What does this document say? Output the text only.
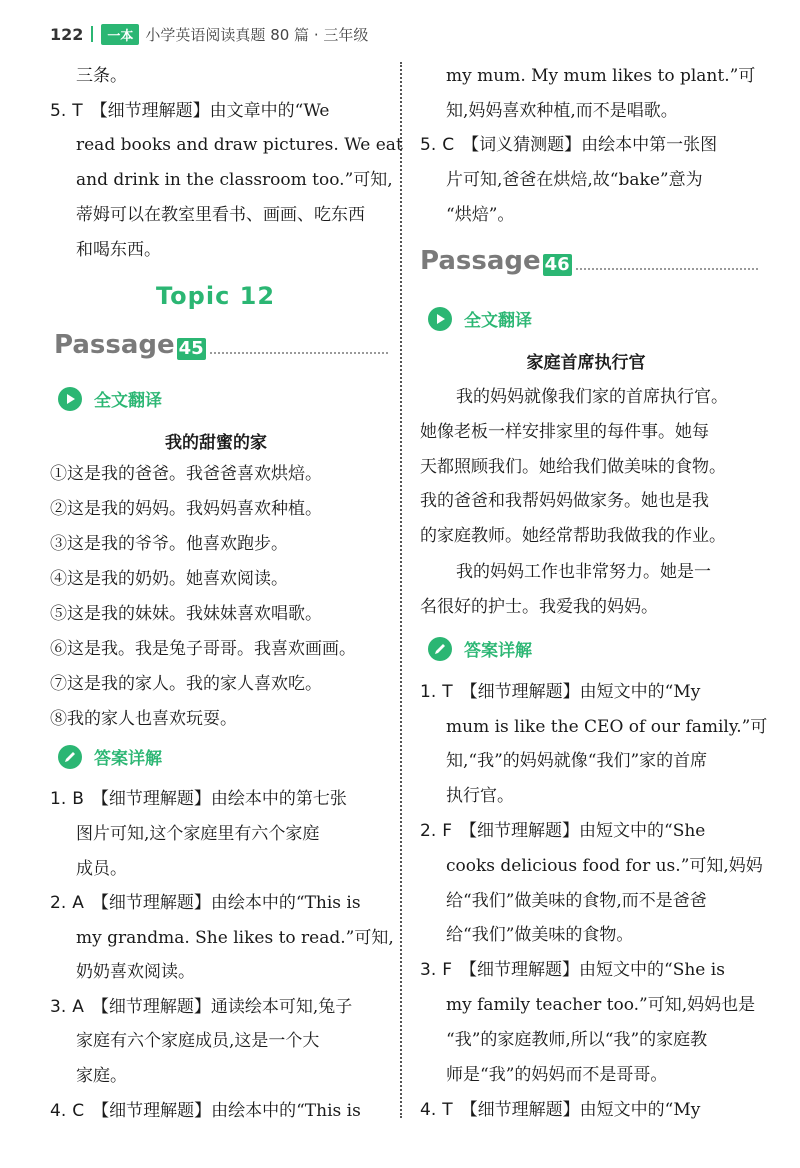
122	一本 小学英语阅读真题 80 篇 · 三年级
三条。
5. T 【细节理解题】由文章中的“We
read books and draw pictures. We eat
and drink in the classroom too.”可知,
蒂姆可以在教室里看书、画画、吃东西
和喝东西。
Topic 12
Passage 45
全文翻译
我的甜蜜的家
①这是我的爸爸。我爸爸喜欢烘焙。
②这是我的妈妈。我妈妈喜欢种植。
③这是我的爷爷。他喜欢跑步。
④这是我的奶奶。她喜欢阅读。
⑤这是我的妹妹。我妹妹喜欢唱歌。
⑥这是我。我是兔子哥哥。我喜欢画画。
⑦这是我的家人。我的家人喜欢吃。
⑧我的家人也喜欢玩耍。
答案详解
1. B 【细节理解题】由绘本中的第七张
图片可知,这个家庭里有六个家庭
成员。
2. A 【细节理解题】由绘本中的“This is
my grandma. She likes to read.”可知,
奶奶喜欢阅读。
3. A 【细节理解题】通读绘本可知,兔子
家庭有六个家庭成员,这是一个大
家庭。
4. C 【细节理解题】由绘本中的“This is
my mum. My mum likes to plant.”可
知,妈妈喜欢种植,而不是唱歌。
5. C 【词义猜测题】由绘本中第一张图
片可知,爸爸在烘焙,故“bake”意为
“烘焙”。
Passage 46
全文翻译
家庭首席执行官
我的妈妈就像我们家的首席执行官。
她像老板一样安排家里的每件事。她每
天都照顾我们。她给我们做美味的食物。
我的爸爸和我帮妈妈做家务。她也是我
的家庭教师。她经常帮助我做我的作业。
我的妈妈工作也非常努力。她是一
名很好的护士。我爱我的妈妈。
答案详解
1. T 【细节理解题】由短文中的“My
mum is like the CEO of our family.”可
知,“我”的妈妈就像“我们”家的首席
执行官。
2. F 【细节理解题】由短文中的“She
cooks delicious food for us.”可知,妈妈
给“我们”做美味的食物,而不是爸爸
给“我们”做美味的食物。
3. F 【细节理解题】由短文中的“She is
my family teacher too.”可知,妈妈也是
“我”的家庭教师,所以“我”的家庭教
师是“我”的妈妈而不是哥哥。
4. T 【细节理解题】由短文中的“My
